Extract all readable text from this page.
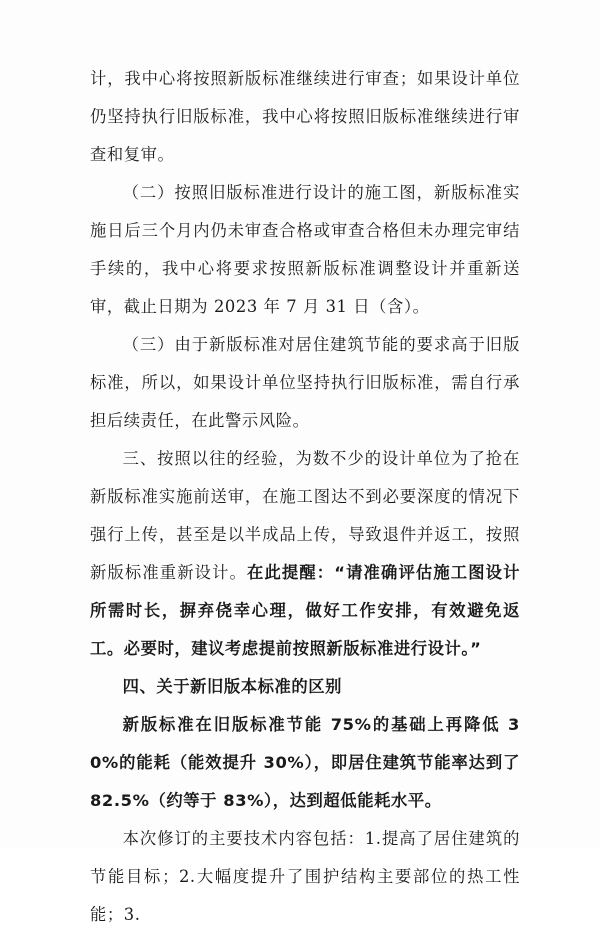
计，我中心将按照新版标准继续进行审查；如果设计单位仍坚持执行旧版标准，我中心将按照旧版标准继续进行审查和复审。

（二）按照旧版标准进行设计的施工图，新版标准实施日后三个月内仍未审查合格或审查合格但未办理完审结手续的，我中心将要求按照新版标准调整设计并重新送审，截止日期为 2023 年 7 月 31 日（含）。

（三）由于新版标准对居住建筑节能的要求高于旧版标准，所以，如果设计单位坚持执行旧版标准，需自行承担后续责任，在此警示风险。

三、按照以往的经验，为数不少的设计单位为了抢在新版标准实施前送审，在施工图达不到必要深度的情况下强行上传，甚至是以半成品上传，导致退件并返工，按照新版标准重新设计。在此提醒：“请准确评估施工图设计所需时长，摒弃侥幸心理，做好工作安排，有效避免返工。必要时，建议考虑提前按照新版标准进行设计。”

四、关于新旧版本标准的区别

新版标准在旧版标准节能 75%的基础上再降低 30%的能耗（能效提升 30%），即居住建筑节能率达到了 82.5%（约等于 83%），达到超低能耗水平。

本次修订的主要技术内容包括：1.提高了居住建筑的节能目标；2.大幅度提升了围护结构主要部位的热工性能；3.
